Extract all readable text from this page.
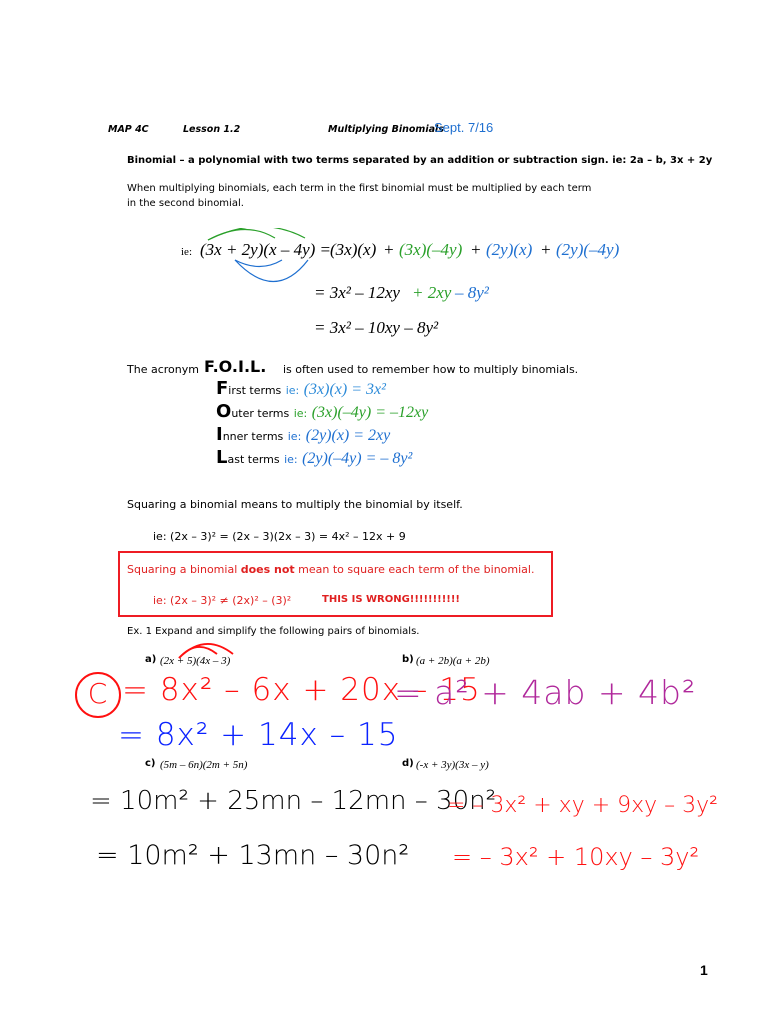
MAP 4C	Lesson 1.2	Multiplying Binomials
Sept. 7/16
Binomial – a polynomial with two terms separated by an addition or subtraction sign. ie: 2a – b, 3x + 2y
When multiplying binomials, each term in the first binomial must be multiplied by each term
in the second binomial.
ie: (3x + 2y)(x – 4y) =
(3x)(x) + (3x)(–4y) + (2y)(x) + (2y)(–4y)
= 3x² – 12xy + 2xy – 8y²
= 3x² – 10xy – 8y²
The acronym F.O.I.L. is often used to remember how to multiply binomials.
First terms ie: (3x)(x) = 3x²
Outer terms ie: (3x)(–4y) = –12xy
Inner terms ie: (2y)(x) = 2xy
Last terms ie: (2y)(–4y) = – 8y²
Squaring a binomial means to multiply the binomial by itself.
ie: (2x – 3)² = (2x – 3)(2x – 3) = 4x² – 12x + 9
Squaring a binomial does not mean to square each term of the binomial.
ie: (2x – 3)² ≠ (2x)² – (3)²	THIS IS WRONG!!!!!!!!!!!
Ex. 1 Expand and simplify the following pairs of binomials.
a) (2x + 5)(4x – 3)	b) (a + 2b)(a + 2b)
C = 8x² – 6x + 20x – 15
= 8x² + 14x – 15
= a² + 4ab + 4b²
c) (5m – 6n)(2m + 5n)	d) (-x + 3y)(3x – y)
= 10m² + 25mn – 12mn – 30n²
= 10m² + 13mn – 30n²
= – 3x² + xy + 9xy – 3y²
= – 3x² + 10xy – 3y²
1
